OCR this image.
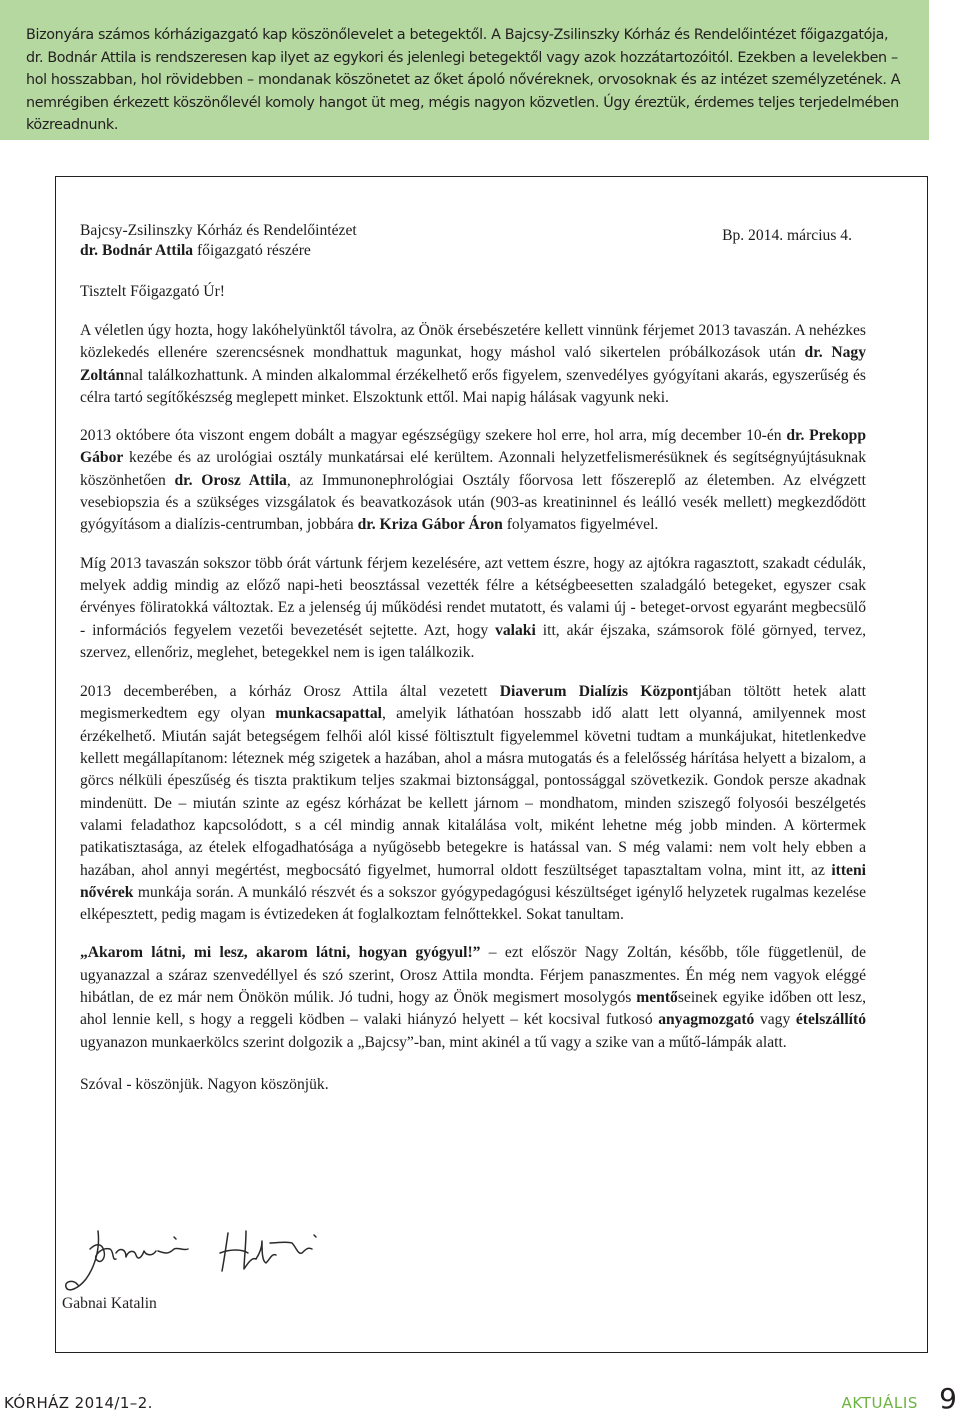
Bizonyára számos kórházigazgató kap köszönőlevelet a betegektől. A Bajcsy-Zsilinszky Kórház és Rendelőintézet főigazgatója, dr. Bodnár Attila is rendszeresen kap ilyet az egykori és jelenlegi betegektől vagy azok hozzátartozóitól. Ezekben a levelekben – hol hosszabban, hol rövidebben – mondanak köszönetet az őket ápoló nővéreknek, orvosoknak és az intézet személyzetének. A nemrégiben érkezett köszönőlevél komoly hangot üt meg, mégis nagyon közvetlen. Úgy éreztük, érdemes teljes terjedelmében közreadnunk.

Bajcsy-Zsilinszky Kórház és Rendelőintézet
dr. Bodnár Attila főigazgató részére
Bp. 2014. március 4.
Tisztelt Főigazgató Úr!

A véletlen úgy hozta, hogy lakóhelyünktől távolra, az Önök érsebészetére kellett vinnünk férjemet 2013 tavaszán. A nehézkes közlekedés ellenére szerencsésnek mondhattuk magunkat, hogy máshol való sikertelen próbálkozások után dr. Nagy Zoltánnal találkozhattunk. A minden alkalommal érzékelhető erős figyelem, szenvedélyes gyógyítani akarás, egyszerűség és célra tartó segítőkészség meglepett minket. Elszoktunk ettől. Mai napig hálásak vagyunk neki.

2013 októbere óta viszont engem dobált a magyar egészségügy szekere hol erre, hol arra, míg december 10-én dr. Prekopp Gábor kezébe és az urológiai osztály munkatársai elé kerültem. Azonnali helyzetfelismerésüknek és segítségnyújtásuknak köszönhetően dr. Orosz Attila, az Immunonephrológiai Osztály főorvosa lett főszereplő az életemben. Az elvégzett vesebiopszia és a szükséges vizsgálatok és beavatkozások után (903-as kreatininnel és leálló vesék mellett) megkezdődött gyógyításom a dialízis-centrumban, jobbára dr. Kriza Gábor Áron folyamatos figyelmével.

Míg 2013 tavaszán sokszor több órát vártunk férjem kezelésére, azt vettem észre, hogy az ajtókra ragasztott, szakadt cédulák, melyek addig mindig az előző napi-heti beosztással vezették félre a kétségbeesetten szaladgáló betegeket, egyszer csak érvényes föliratokká változtak. Ez a jelenség új működési rendet mutatott, és valami új - beteget-orvost egyaránt megbecsülő - információs fegyelem vezetői bevezetését sejtette. Azt, hogy valaki itt, akár éjszaka, számsorok fölé görnyed, tervez, szervez, ellenőriz, meglehet, betegekkel nem is igen találkozik.

2013 decemberében, a kórház Orosz Attila által vezetett Diaverum Dialízis Központjában töltött hetek alatt megismerkedtem egy olyan munkacsapattal, amelyik láthatóan hosszabb idő alatt lett olyanná, amilyennek most érzékelhető. Miután saját betegségem felhői alól kissé föltisztult figyelemmel követni tudtam a munkájukat, hitetlenkedve kellett megállapítanom: léteznek még szigetek a hazában, ahol a másra mutogatás és a felelősség hárítása helyett a bizalom, a görcs nélküli épeszűség és tiszta praktikum teljes szakmai biztonsággal, pontossággal szövetkezik. Gondok persze akadnak mindenütt. De – miután szinte az egész kórházat be kellett járnom – mondhatom, minden sziszegő folyosói beszélgetés valami feladathoz kapcsolódott, s a cél mindig annak kitalálása volt, miként lehetne még jobb minden. A körtermek patikatisztasága, az ételek elfogadhatósága a nyűgösebb betegekre is hatással van. S még valami: nem volt hely ebben a hazában, ahol annyi megértést, megbocsátó figyelmet, humorral oldott feszültséget tapasztaltam volna, mint itt, az itteni nővérek munkája során. A munkáló részvét és a sokszor gyógypedagógusi készültséget igénylő helyzetek rugalmas kezelése elképesztett, pedig magam is évtizedeken át foglalkoztam felnőttekkel. Sokat tanultam.

„Akarom látni, mi lesz, akarom látni, hogyan gyógyul!” – ezt először Nagy Zoltán, később, tőle függetlenül, de ugyanazzal a száraz szenvedéllyel és szó szerint, Orosz Attila mondta. Férjem panaszmentes. Én még nem vagyok eléggé hibátlan, de ez már nem Önökön múlik. Jó tudni, hogy az Önök megismert mosolygós mentőseinek egyike időben ott lesz, ahol lennie kell, s hogy a reggeli ködben – valaki hiányzó helyett – két kocsival futkosó anyagmozgató vagy ételszállító ugyanazon munkaerkölcs szerint dolgozik a „Bajcsy”-ban, mint akinél a tű vagy a szike van a műtő-lámpák alatt.

Szóval - köszönjük. Nagyon köszönjük.
Gabnai Katalin
KÓRHÁZ 2014/1–2.	AKTUÁLIS 9
